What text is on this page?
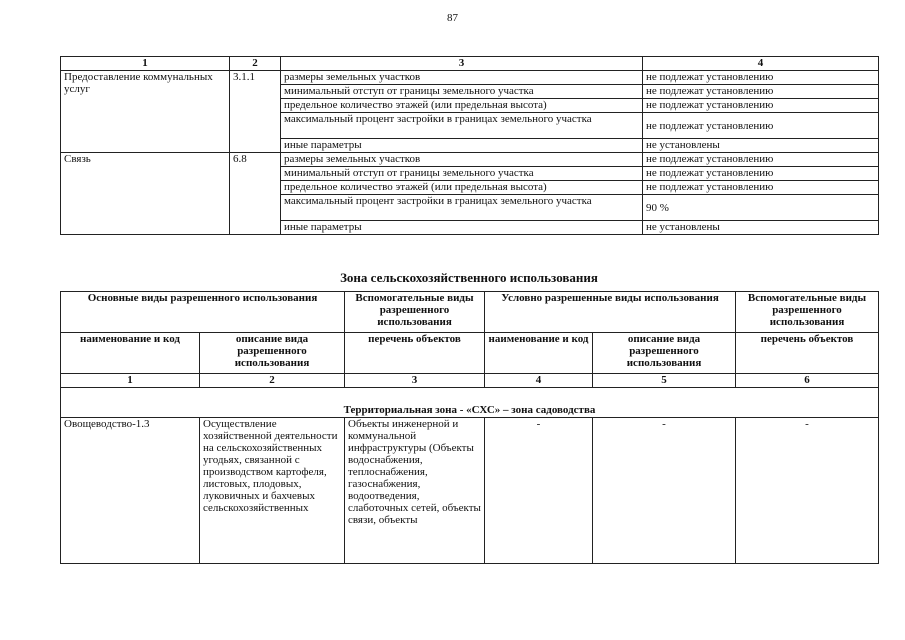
87
1	2	3	4
Предоставление коммунальных услуг	3.1.1	размеры земельных участков	не подлежат установлению
		минимальный отступ от границы земельного участка	не подлежат установлению
		предельное количество этажей (или предельная высота)	не подлежат установлению
		максимальный процент застройки в границах земельного участка	не подлежат установлению
		иные параметры	не установлены
Связь	6.8	размеры земельных участков	не подлежат установлению
		минимальный отступ от границы земельного участка	не подлежат установлению
		предельное количество этажей (или предельная высота)	не подлежат установлению
		максимальный процент застройки в границах земельного участка	90 %
		иные параметры	не установлены
Зона сельскохозяйственного использования
Основные виды разрешенного использования		Вспомогательные виды разрешенного использования	Условно разрешенные виды использования		Вспомогательные виды разрешенного использования
наименование и код	описание вида разрешенного использования	перечень объектов	наименование и код	описание вида разрешенного использования	перечень объектов
1	2	3	4	5	6

Территориальная зона - «СХС» – зона садоводства					
Овощеводство-1.3	Осуществление хозяйственной деятельности на сельскохозяйственных угодьях, связанной с производством картофеля, листовых, плодовых, луковичных и бахчевых сельскохозяйственных	Объекты инженерной и коммунальной инфраструктуры (Объекты водоснабжения, теплоснабжения, газоснабжения, водоотведения, слаботочных сетей, объекты связи, объекты	-	-	-
